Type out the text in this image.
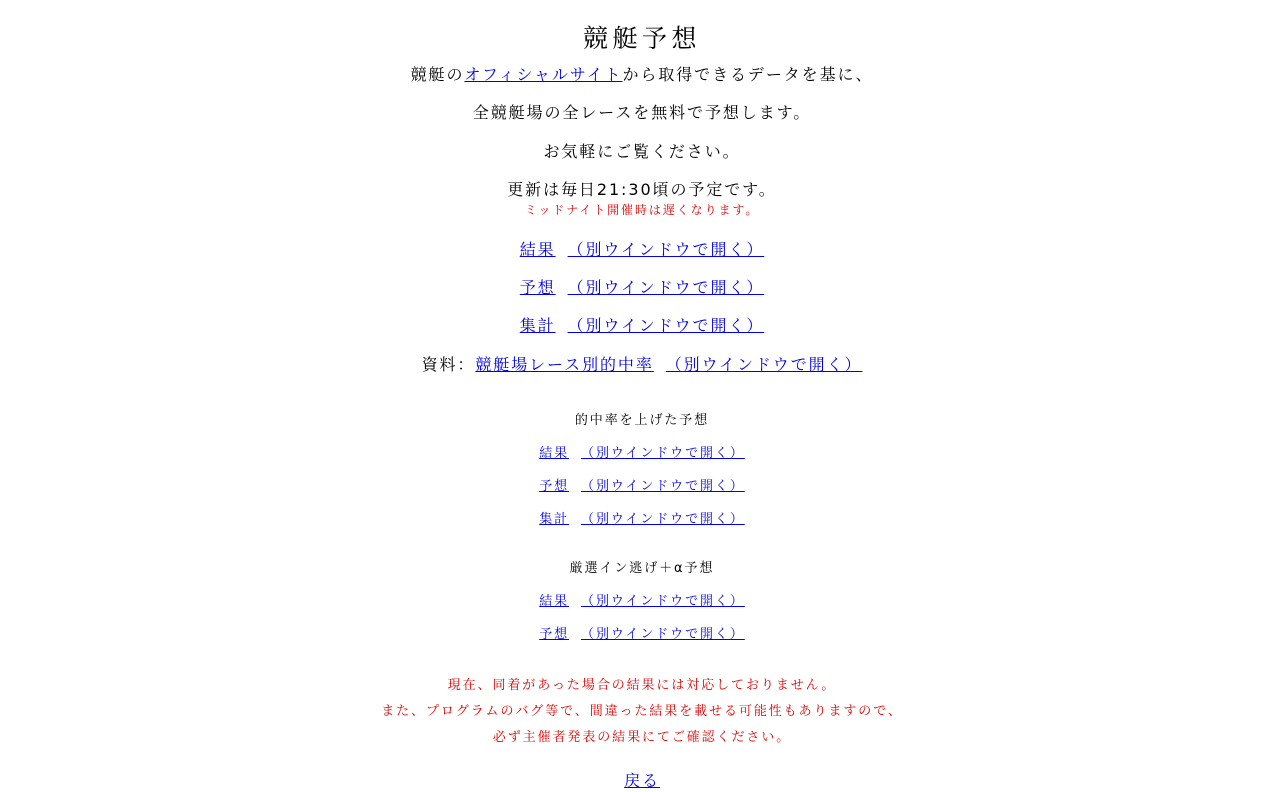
競艇予想

競艇のオフィシャルサイトから取得できるデータを基に、

全競艇場の全レースを無料で予想します。

お気軽にご覧ください。

更新は毎日21:30頃の予定です。

ミッドナイト開催時は遅くなります。

結果 （別ウインドウで開く）

予想 （別ウインドウで開く）

集計 （別ウインドウで開く）

資料：競艇場レース別的中率 （別ウインドウで開く）

的中率を上げた予想

結果 （別ウインドウで開く）

予想 （別ウインドウで開く）

集計 （別ウインドウで開く）

厳選イン逃げ＋α予想

結果 （別ウインドウで開く）

予想 （別ウインドウで開く）

現在、同着があった場合の結果には対応しておりません。

また、プログラムのバグ等で、間違った結果を載せる可能性もありますので、

必ず主催者発表の結果にてご確認ください。

戻る
